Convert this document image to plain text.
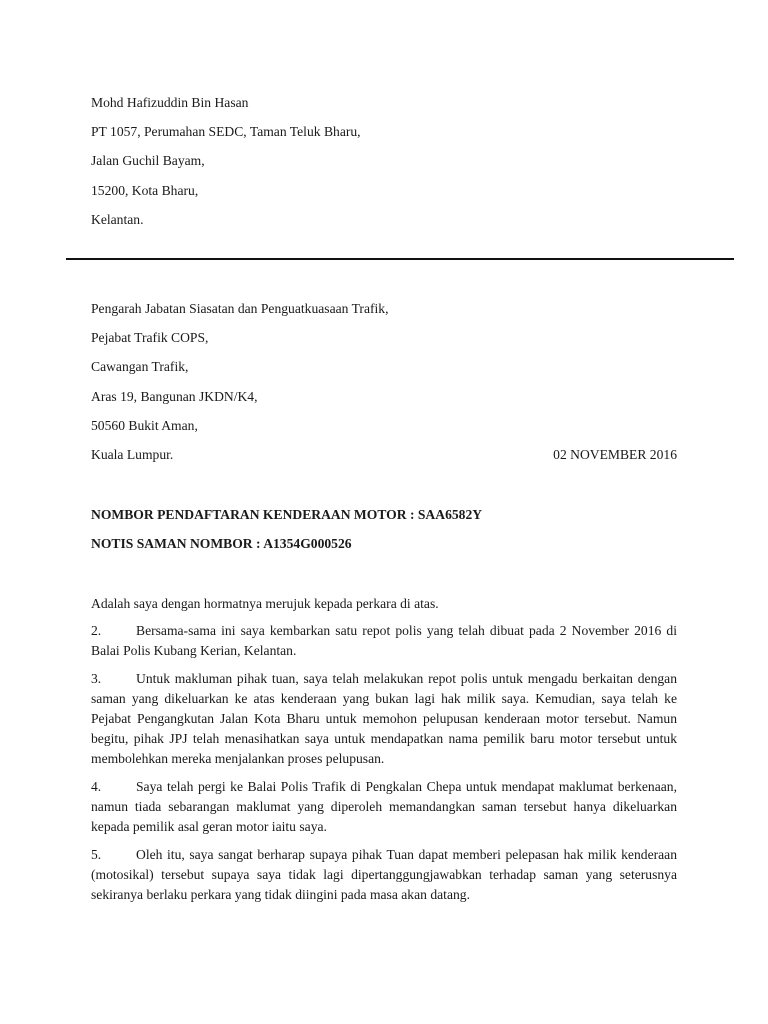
Mohd Hafizuddin Bin Hasan
PT 1057, Perumahan SEDC, Taman Teluk Bharu,
Jalan Guchil Bayam,
15200, Kota Bharu,
Kelantan.
Pengarah Jabatan Siasatan dan Penguatkuasaan Trafik,
Pejabat Trafik COPS,
Cawangan Trafik,
Aras 19, Bangunan JKDN/K4,
50560 Bukit Aman,
Kuala Lumpur.	02 NOVEMBER 2016
NOMBOR PENDAFTARAN KENDERAAN MOTOR : SAA6582Y
NOTIS SAMAN NOMBOR : A1354G000526

Adalah saya dengan hormatnya merujuk kepada perkara di atas.

2.	Bersama-sama ini saya kembarkan satu repot polis yang telah dibuat pada 2 November 2016 di Balai Polis Kubang Kerian, Kelantan.

3.	Untuk makluman pihak tuan, saya telah melakukan repot polis untuk mengadu berkaitan dengan saman yang dikeluarkan ke atas kenderaan yang bukan lagi hak milik saya. Kemudian, saya telah ke Pejabat Pengangkutan Jalan Kota Bharu untuk memohon pelupusan kenderaan motor tersebut. Namun begitu, pihak JPJ telah menasihatkan saya untuk mendapatkan nama pemilik baru motor tersebut untuk membolehkan mereka menjalankan proses pelupusan.

4.	Saya telah pergi ke Balai Polis Trafik di Pengkalan Chepa untuk mendapat maklumat berkenaan, namun tiada sebarangan maklumat yang diperoleh memandangkan saman tersebut hanya dikeluarkan kepada pemilik asal geran motor iaitu saya.

5.	Oleh itu, saya sangat berharap supaya pihak Tuan dapat memberi pelepasan hak milik kenderaan (motosikal) tersebut supaya saya tidak lagi dipertanggungjawabkan terhadap saman yang seterusnya sekiranya berlaku perkara yang tidak diingini pada masa akan datang.
